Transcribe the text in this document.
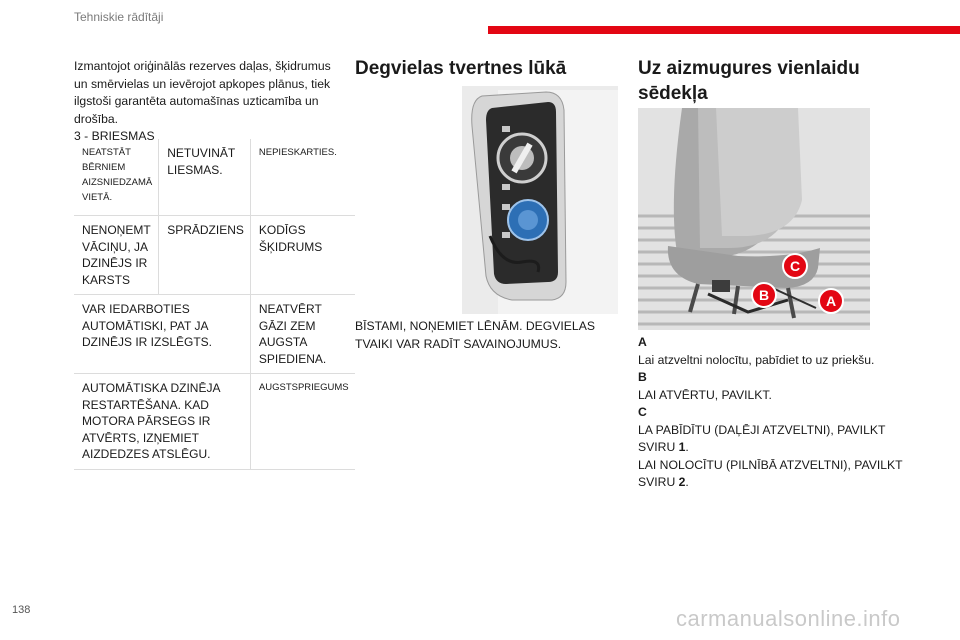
Tehniskie rādītāji

Izmantojot oriģinālās rezerves daļas, šķidrumus un smērvielas un ievērojot apkopes plānus, tiek ilgstoši garantēta automašīnas uzticamība un drošība.

3 - BRIESMAS

NEATSTĀT BĒRNIEM AIZSNIEDZAMĀ VIETĀ.	NETUVINĀT LIESMAS.	NEPIESKARTIES.
NENOŅEMT VĀCIŅU, JA DZINĒJS IR KARSTS	SPRĀDZIENS	KODĪGS ŠĶIDRUMS
VAR IEDARBOTIES AUTOMĀTISKI, PAT JA DZINĒJS IR IZSLĒGTS.		NEATVĒRT GĀZI ZEM AUGSTA SPIEDIENA.
AUTOMĀTISKA DZINĒJA RESTARTĒŠANA. KAD MOTORA PĀRSEGS IR ATVĒRTS, IZŅEMIET AIZDEDZES ATSLĒGU.		AUGSTSPRIEGUMS
Degvielas tvertnes lūkā
BĪSTAMI, NOŅEMIET LĒNĀM. DEGVIELAS TVAIKI VAR RADĪT SAVAINOJUMUS.
Uz aizmugures vienlaidu sēdekļa
C
B	A

A

Lai atzveltni nolocītu, pabīdiet to uz priekšu.

B

LAI ATVĒRTU, PAVILKT.

C

LA PABĪDĪTU (DAĻĒJI ATZVELTNI), PAVILKT SVIRU 1.

LAI NOLOCĪTU (PILNĪBĀ ATZVELTNI), PAVILKT SVIRU 2.

138	carmanualsonline.info
